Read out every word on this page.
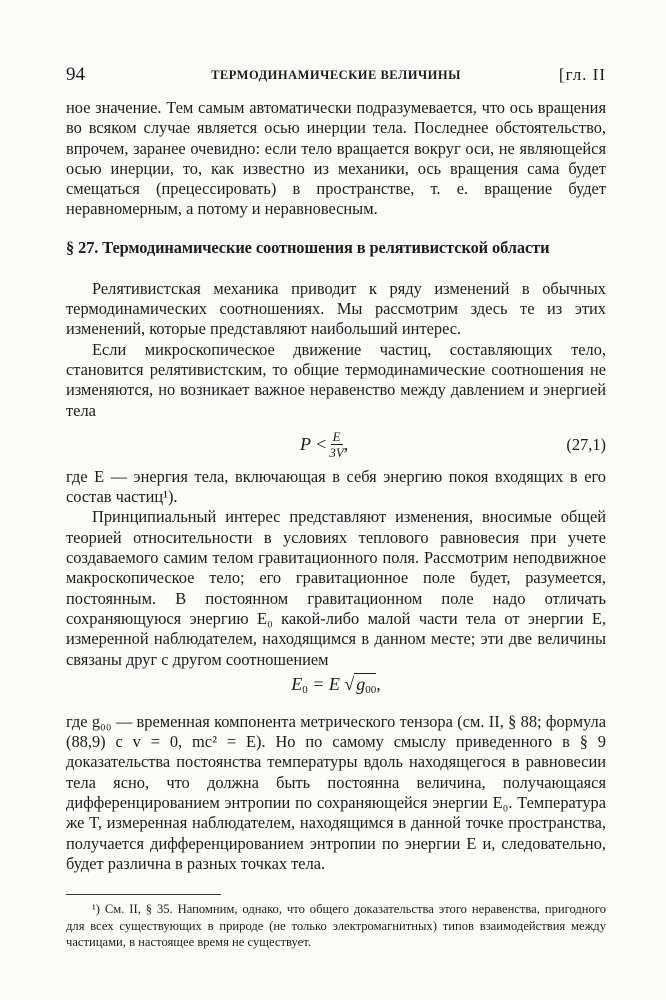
94	ТЕРМОДИНАМИЧЕСКИЕ ВЕЛИЧИНЫ	[гл. II

ное значение. Тем самым автоматически подразумевается, что ось вращения во всяком случае является осью инерции тела. Последнее обстоятельство, впрочем, заранее очевидно: если тело вращается вокруг оси, не являющейся осью инерции, то, как известно из механики, ось вращения сама будет смещаться (прецессировать) в пространстве, т. е. вращение будет неравномерным, а потому и неравновесным.

§ 27. Термодинамические соотношения в релятивистской области

Релятивистская механика приводит к ряду изменений в обычных термодинамических соотношениях. Мы рассмотрим здесь те из этих изменений, которые представляют наибольший интерес.

Если микроскопическое движение частиц, составляющих тело, становится релятивистским, то общие термодинамические соотношения не изменяются, но возникает важное неравенство между давлением и энергией тела

$P < \frac{E}{3V}$ ,	(27,1)

где E — энергия тела, включающая в себя энергию покоя входящих в его состав частиц¹).

Принципиальный интерес представляют изменения, вносимые общей теорией относительности в условиях теплового равновесия при учете создаваемого самим телом гравитационного поля. Рассмотрим неподвижное макроскопическое тело; его гравитационное поле будет, разумеется, постоянным. В постоянном гравитационном поле надо отличать сохраняющуюся энергию E₀ какой-либо малой части тела от энергии E, измеренной наблюдателем, находящимся в данном месте; эти две величины связаны друг с другом соотношением

$E_0 = E$ √ $g_{00}$,

где g₀₀ — временная компонента метрического тензора (см. II, § 88; формула (88,9) с v = 0, mc² = E). Но по самому смыслу приведенного в § 9 доказательства постоянства температуры вдоль находящегося в равновесии тела ясно, что должна быть постоянна величина, получающаяся дифференцированием энтропии по сохраняющейся энергии E₀. Температура же T, измеренная наблюдателем, находящимся в данной точке пространства, получается дифференцированием энтропии по энергии E и, следовательно, будет различна в разных точках тела.

¹) См. II, § 35. Напомним, однако, что общего доказательства этого неравенства, пригодного для всех существующих в природе (не только электромагнитных) типов взаимодействия между частицами, в настоящее время не существует.
